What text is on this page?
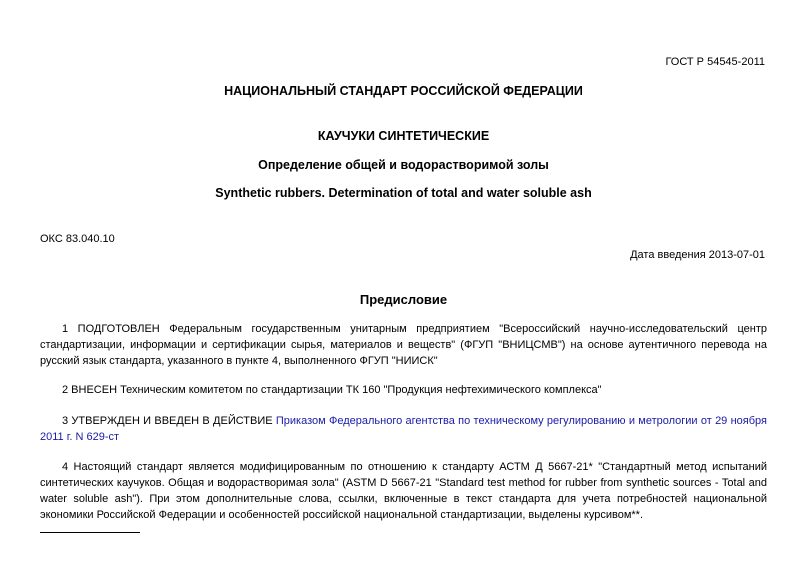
ГОСТ Р 54545-2011
НАЦИОНАЛЬНЫЙ СТАНДАРТ РОССИЙСКОЙ ФЕДЕРАЦИИ
КАУЧУКИ СИНТЕТИЧЕСКИЕ
Определение общей и водорастворимой золы
Synthetic rubbers. Determination of total and water soluble ash
ОКС 83.040.10
Дата введения 2013-07-01
Предисловие
1 ПОДГОТОВЛЕН Федеральным государственным унитарным предприятием "Всероссийский научно-исследовательский центр стандартизации, информации и сертификации сырья, материалов и веществ" (ФГУП "ВНИЦСМВ") на основе аутентичного перевода на русский язык стандарта, указанного в пункте 4, выполненного ФГУП "НИИСК"
2 ВНЕСЕН Техническим комитетом по стандартизации ТК 160 "Продукция нефтехимического комплекса"
3 УТВЕРЖДЕН И ВВЕДЕН В ДЕЙСТВИЕ Приказом Федерального агентства по техническому регулированию и метрологии от 29 ноября 2011 г. N 629-ст
4 Настоящий стандарт является модифицированным по отношению к стандарту АСТМ Д 5667-21* "Стандартный метод испытаний синтетических каучуков. Общая и водорастворимая зола" (ASTM D 5667-21 "Standard test method for rubber from synthetic sources - Total and water soluble ash"). При этом дополнительные слова, ссылки, включенные в текст стандарта для учета потребностей национальной экономики Российской Федерации и особенностей российской национальной стандартизации, выделены курсивом**.
